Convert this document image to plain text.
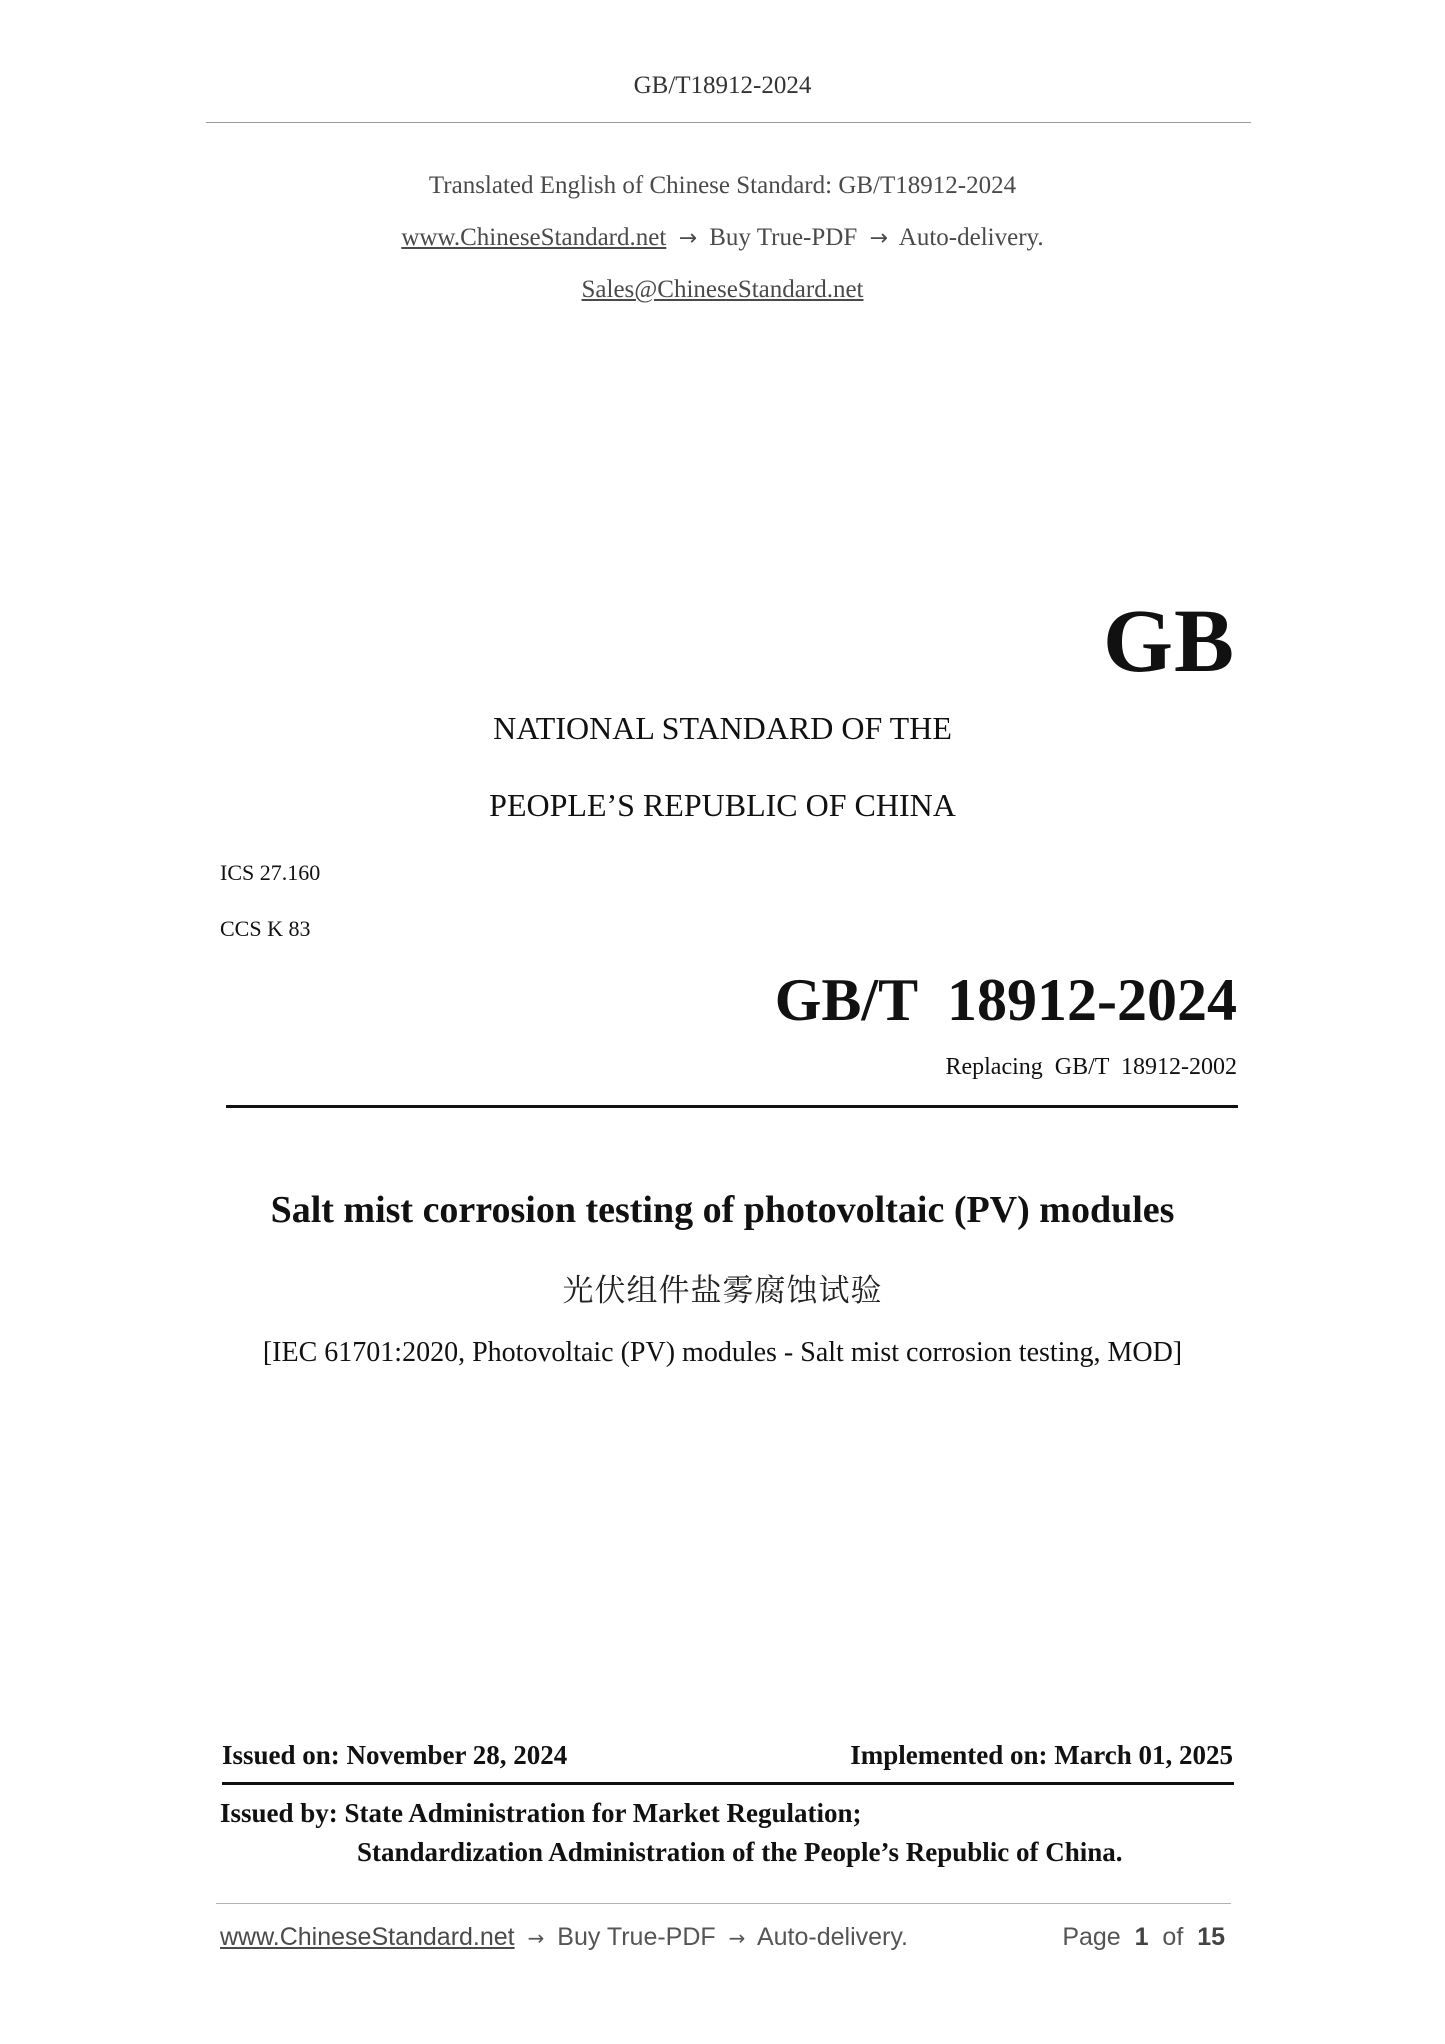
GB/T18912-2024
Translated English of Chinese Standard: GB/T18912-2024
www.ChineseStandard.net → Buy True-PDF → Auto-delivery.
Sales@ChineseStandard.net
GB
NATIONAL STANDARD OF THE
PEOPLE’S REPUBLIC OF CHINA
ICS 27.160
CCS K 83
GB/T  18912-2024
Replacing  GB/T  18912-2002
Salt mist corrosion testing of photovoltaic (PV) modules
光伏组件盐雾腐蚀试验
[IEC 61701:2020, Photovoltaic (PV) modules - Salt mist corrosion testing, MOD]
Issued on: November 28, 2024	Implemented on: March 01, 2025
Issued by: State Administration for Market Regulation;
Standardization Administration of the People’s Republic of China.
www.ChineseStandard.net → Buy True-PDF → Auto-delivery.	Page 1 of 15
